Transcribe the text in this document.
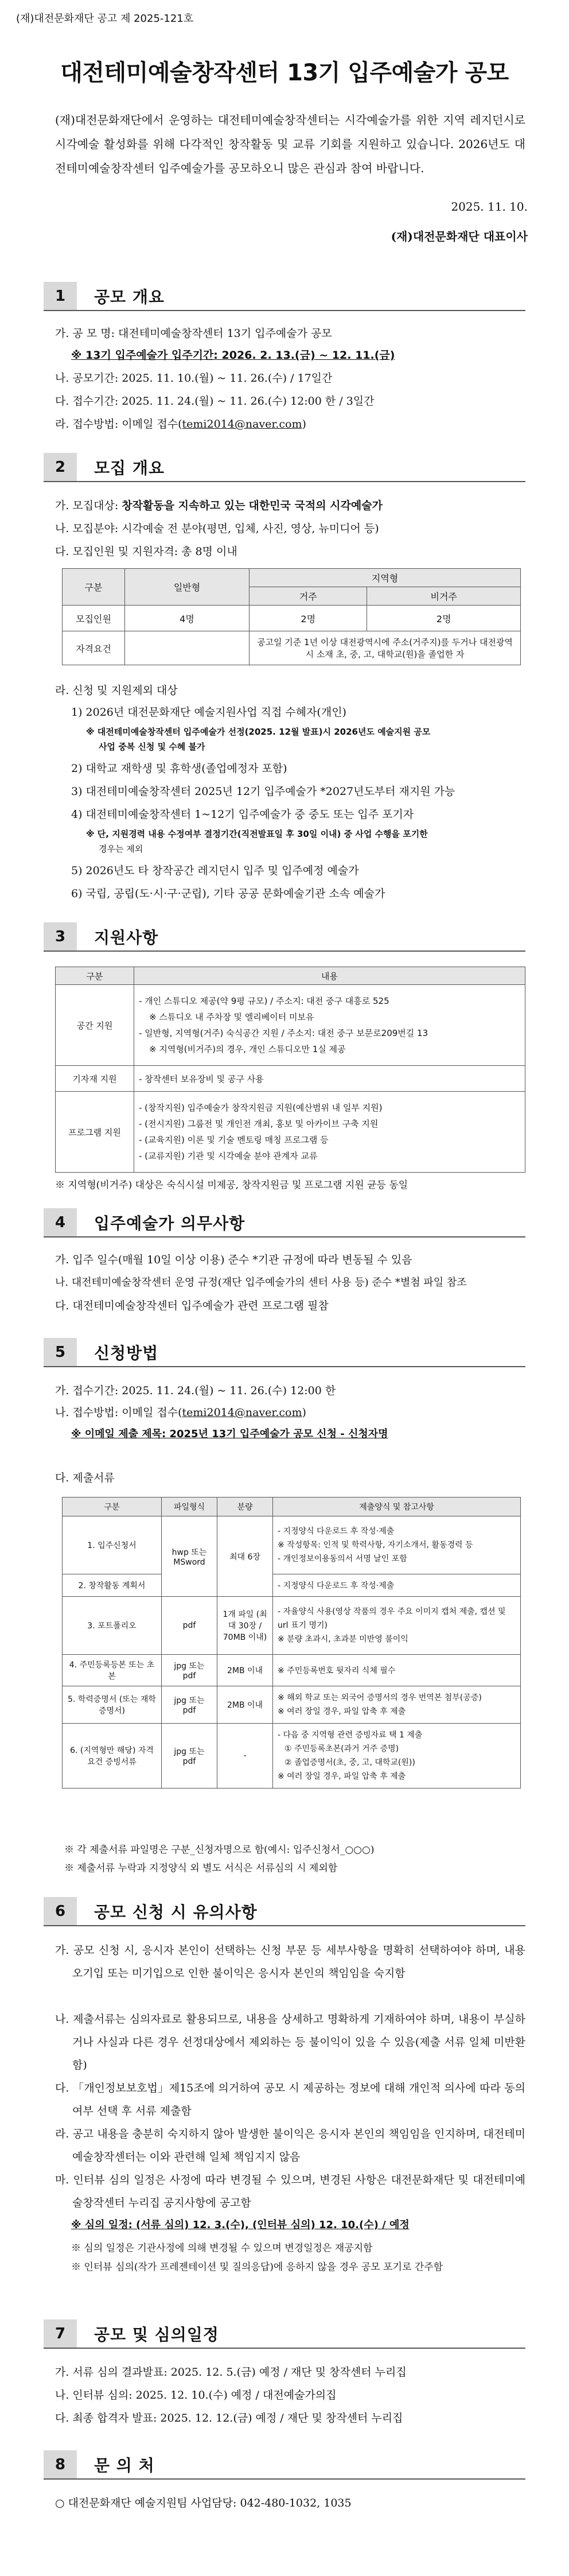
(재)대전문화재단 공고 제 2025-121호
대전테미예술창작센터 13기 입주예술가 공모
(재)대전문화재단에서 운영하는 대전테미예술창작센터는 시각예술가를 위한 지역 레지던시로 시각예술 활성화를 위해 다각적인 창작활동 및 교류 기회를 지원하고 있습니다. 2026년도 대전테미예술창작센터 입주예술가를 공모하오니 많은 관심과 참여 바랍니다.
2025. 11. 10.
(재)대전문화재단 대표이사
1	공모 개요
가. 공 모 명: 대전테미예술창작센터 13기 입주예술가 공모
※ 13기 입주예술가 입주기간: 2026. 2. 13.(금) ~ 12. 11.(금)
나. 공모기간: 2025. 11. 10.(월) ~ 11. 26.(수) / 17일간
다. 접수기간: 2025. 11. 24.(월) ~ 11. 26.(수) 12:00 한 / 3일간
라. 접수방법: 이메일 접수(temi2014@naver.com)
2	모집 개요
가. 모집대상: 창작활동을 지속하고 있는 대한민국 국적의 시각예술가
나. 모집분야: 시각예술 전 분야(평면, 입체, 사진, 영상, 뉴미디어 등)
다. 모집인원 및 지원자격: 총 8명 이내
구분	일반형	지역형	
		거주	비거주
모집인원	4명	2명	2명
자격요건		공고일 기준 1년 이상 대전광역시에 주소(거주지)를 두거나 대전광역시 소재 초, 중, 고, 대학교(원)을 졸업한 자	
라. 신청 및 지원제외 대상
1) 2026년 대전문화재단 예술지원사업 직접 수혜자(개인)
※ 대전테미예술창작센터 입주예술가 선정(2025. 12월 발표)시 2026년도 예술지원 공모
사업 중복 신청 및 수혜 불가
2) 대학교 재학생 및 휴학생(졸업예정자 포함)
3) 대전테미예술창작센터 2025년 12기 입주예술가 *2027년도부터 재지원 가능
4) 대전테미예술창작센터 1~12기 입주예술가 중 중도 또는 입주 포기자
※ 단, 지원경력 내용 수정여부 결정기간(직전발표일 후 30일 이내) 중 사업 수행을 포기한
경우는 제외
5) 2026년도 타 창작공간 레지던시 입주 및 입주예정 예술가
6) 국립, 공립(도·시·구·군립), 기타 공공 문화예술기관 소속 예술가
3	지원사항
구분	내용
공간 지원	- 개인 스튜디오 제공(약 9평 규모) / 주소지: 대전 중구 대흥로 525
※ 스튜디오 내 주차장 및 엘리베이터 미보유
- 일반형, 지역형(거주) 숙식공간 지원 / 주소지: 대전 중구 보문로209번길 13
※ 지역형(비거주)의 경우, 개인 스튜디오만 1실 제공

기자재 지원	- 창작센터 보유장비 및 공구 사용

프로그램 지원	- (창작지원) 입주예술가 창작지원금 지원(예산범위 내 일부 지원)
- (전시지원) 그룹전 및 개인전 개최, 홍보 및 아카이브 구축 지원
- (교육지원) 이론 및 기술 멘토링 매칭 프로그램 등
- (교류지원) 기관 및 시각예술 분야 관계자 교류
※ 지역형(비거주) 대상은 숙식시설 미제공, 창작지원금 및 프로그램 지원 균등 동일
4	입주예술가 의무사항
가. 입주 일수(매월 10일 이상 이용) 준수 *기관 규정에 따라 변동될 수 있음
나. 대전테미예술창작센터 운영 규정(재단 입주예술가의 센터 사용 등) 준수 *별첨 파일 참조
다. 대전테미예술창작센터 입주예술가 관련 프로그램 필참
5	신청방법
가. 접수기간: 2025. 11. 24.(월) ~ 11. 26.(수) 12:00 한
나. 접수방법: 이메일 접수(temi2014@naver.com)
※ 이메일 제출 제목: 2025년 13기 입주예술가 공모 신청 - 신청자명
다. 제출서류
구분	파일형식	분량	제출양식 및 참고사항
1. 입주신청서	hwp 또는 MSword	최대 6장	- 지정양식 다운로드 후 작성·제출
※ 작성항목: 인적 및 학력사항, 자기소개서, 활동경력 등
- 개인정보이용동의서 서명 날인 포함

2. 창작활동 계획서			- 지정양식 다운로드 후 작성·제출

3. 포트폴리오	pdf	1개 파일 (최대 30장 / 70MB 이내)	- 자율양식 사용(영상 작품의 경우 주요 이미지 캡처 제출, 캡션 및 url 표기 명기)
※ 분량 초과시, 초과분 미반영 불이익

4. 주민등록등본 또는 초본	jpg 또는 pdf	2MB 이내	※ 주민등록번호 뒷자리 식체 필수

5. 학력증명서 (또는 재학증명서)	jpg 또는 pdf	2MB 이내	※ 해외 학교 또는 외국어 증명서의 경우 번역본 첨부(공증)
※ 여러 장일 경우, 파일 압축 후 제출

6. (지역형만 해당) 자격요건 증빙서류	jpg 또는 pdf	-	- 다음 중 지역형 관련 증빙자료 택 1 제출
① 주민등록초본(과거 거주 증명)
② 졸업증명서(초, 중, 고, 대학교(원))
※ 여러 장일 경우, 파일 압축 후 제출
※ 각 제출서류 파일명은 구분_신청자명으로 함(예시: 입주신청서_○○○)
※ 제출서류 누락과 지정양식 외 별도 서식은 서류심의 시 제외함
6	공모 신청 시 유의사항
가. 공모 신청 시, 응시자 본인이 선택하는 신청 부문 등 세부사항을 명확히 선택하여야 하며, 내용 오기입 또는 미기입으로 인한 불이익은 응시자 본인의 책임임을 숙지함
나. 제출서류는 심의자료로 활용되므로, 내용을 상세하고 명확하게 기재하여야 하며, 내용이 부실하거나 사실과 다른 경우 선정대상에서 제외하는 등 불이익이 있을 수 있음(제출 서류 일체 미반환함)
다. 「개인정보보호법」제15조에 의거하여 공모 시 제공하는 정보에 대해 개인적 의사에 따라 동의여부 선택 후 서류 제출함
라. 공고 내용을 충분히 숙지하지 않아 발생한 불이익은 응시자 본인의 책임임을 인지하며, 대전테미예술창작센터는 이와 관련해 일체 책임지지 않음
마. 인터뷰 심의 일정은 사정에 따라 변경될 수 있으며, 변경된 사항은 대전문화재단 및 대전테미예술창작센터 누리집 공지사항에 공고함
※ 심의 일정: (서류 심의) 12. 3.(수), (인터뷰 심의) 12. 10.(수) / 예정
※ 심의 일정은 기관사정에 의해 변경될 수 있으며 변경일정은 재공지함
※ 인터뷰 심의(작가 프레젠테이션 및 질의응답)에 응하지 않을 경우 공모 포기로 간주함
7	공모 및 심의일정
가. 서류 심의 결과발표: 2025. 12. 5.(금) 예정 / 재단 및 창작센터 누리집
나. 인터뷰 심의: 2025. 12. 10.(수) 예정 / 대전예술가의집
다. 최종 합격자 발표: 2025. 12. 12.(금) 예정 / 재단 및 창작센터 누리집
8	문 의 처
○ 대전문화재단 예술지원팀 사업담당: 042-480-1032, 1035
